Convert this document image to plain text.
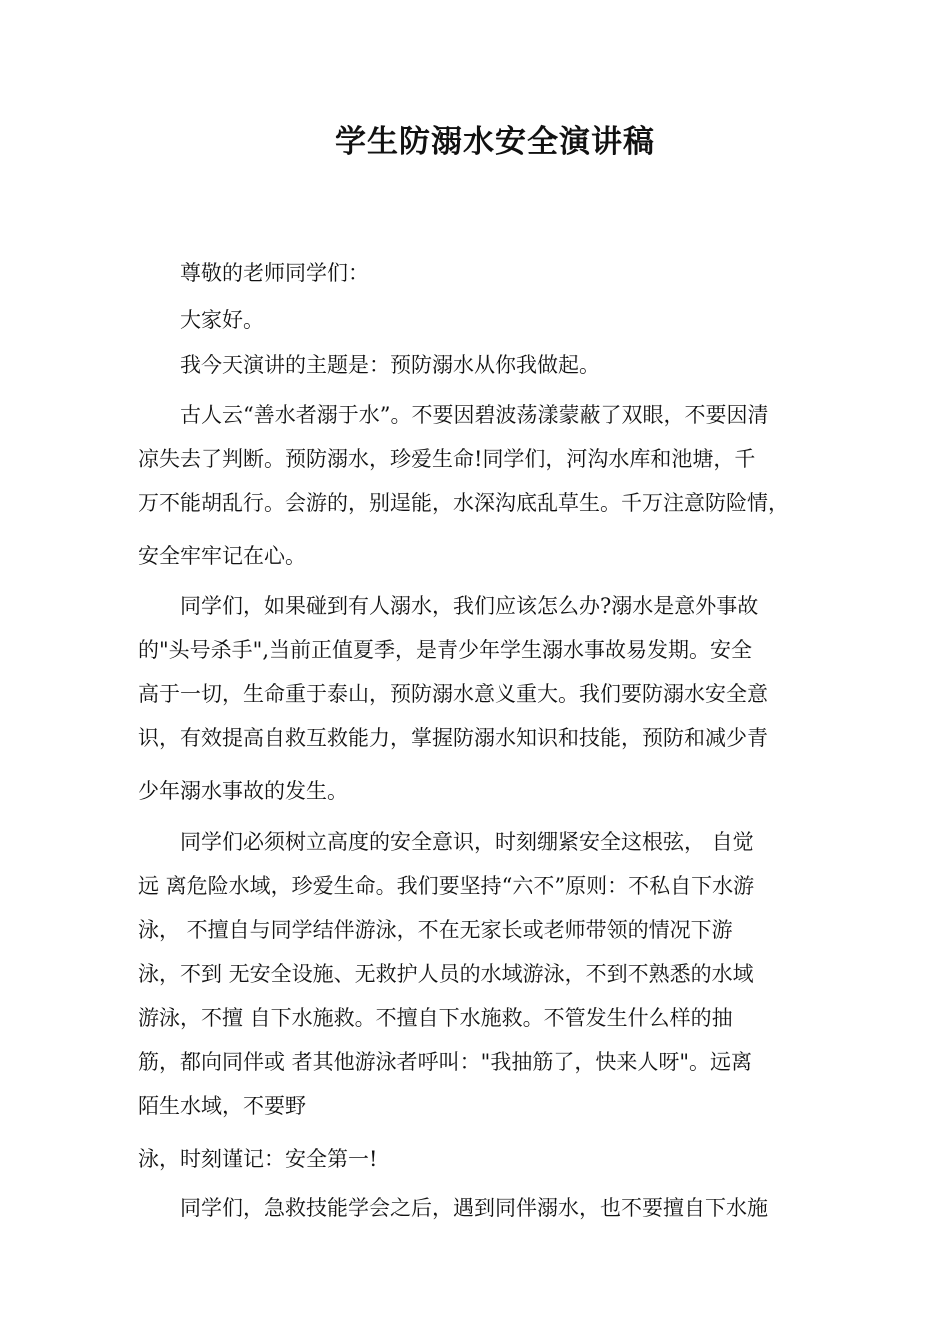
学生防溺水安全演讲稿

尊敬的老师同学们：

大家好。

我今天演讲的主题是：预防溺水从你我做起。

古人云“善水者溺于水”。不要因碧波荡漾蒙蔽了双眼，不要因清

凉失去了判断。预防溺水，珍爱生命!同学们，河沟水库和池塘，千

万不能胡乱行。会游的，别逞能，水深沟底乱草生。千万注意防险情，

安全牢牢记在心。

同学们，如果碰到有人溺水，我们应该怎么办?溺水是意外事故

的"头号杀手",当前正值夏季，是青少年学生溺水事故易发期。安全

高于一切，生命重于泰山，预防溺水意义重大。我们要防溺水安全意

识，有效提高自救互救能力，掌握防溺水知识和技能，预防和减少青

少年溺水事故的发生。

同学们必须树立高度的安全意识，时刻绷紧安全这根弦， 自觉

远 离危险水域，珍爱生命。我们要坚持“六不”原则：不私自下水游

泳， 不擅自与同学结伴游泳，不在无家长或老师带领的情况下游

泳，不到 无安全设施、无救护人员的水域游泳，不到不熟悉的水域

游泳，不擅 自下水施救。不擅自下水施救。不管发生什么样的抽

筋，都向同伴或 者其他游泳者呼叫："我抽筋了，快来人呀"。远离

陌生水域，不要野

泳，时刻谨记：安全第一!

同学们，急救技能学会之后，遇到同伴溺水，也不要擅自下水施
